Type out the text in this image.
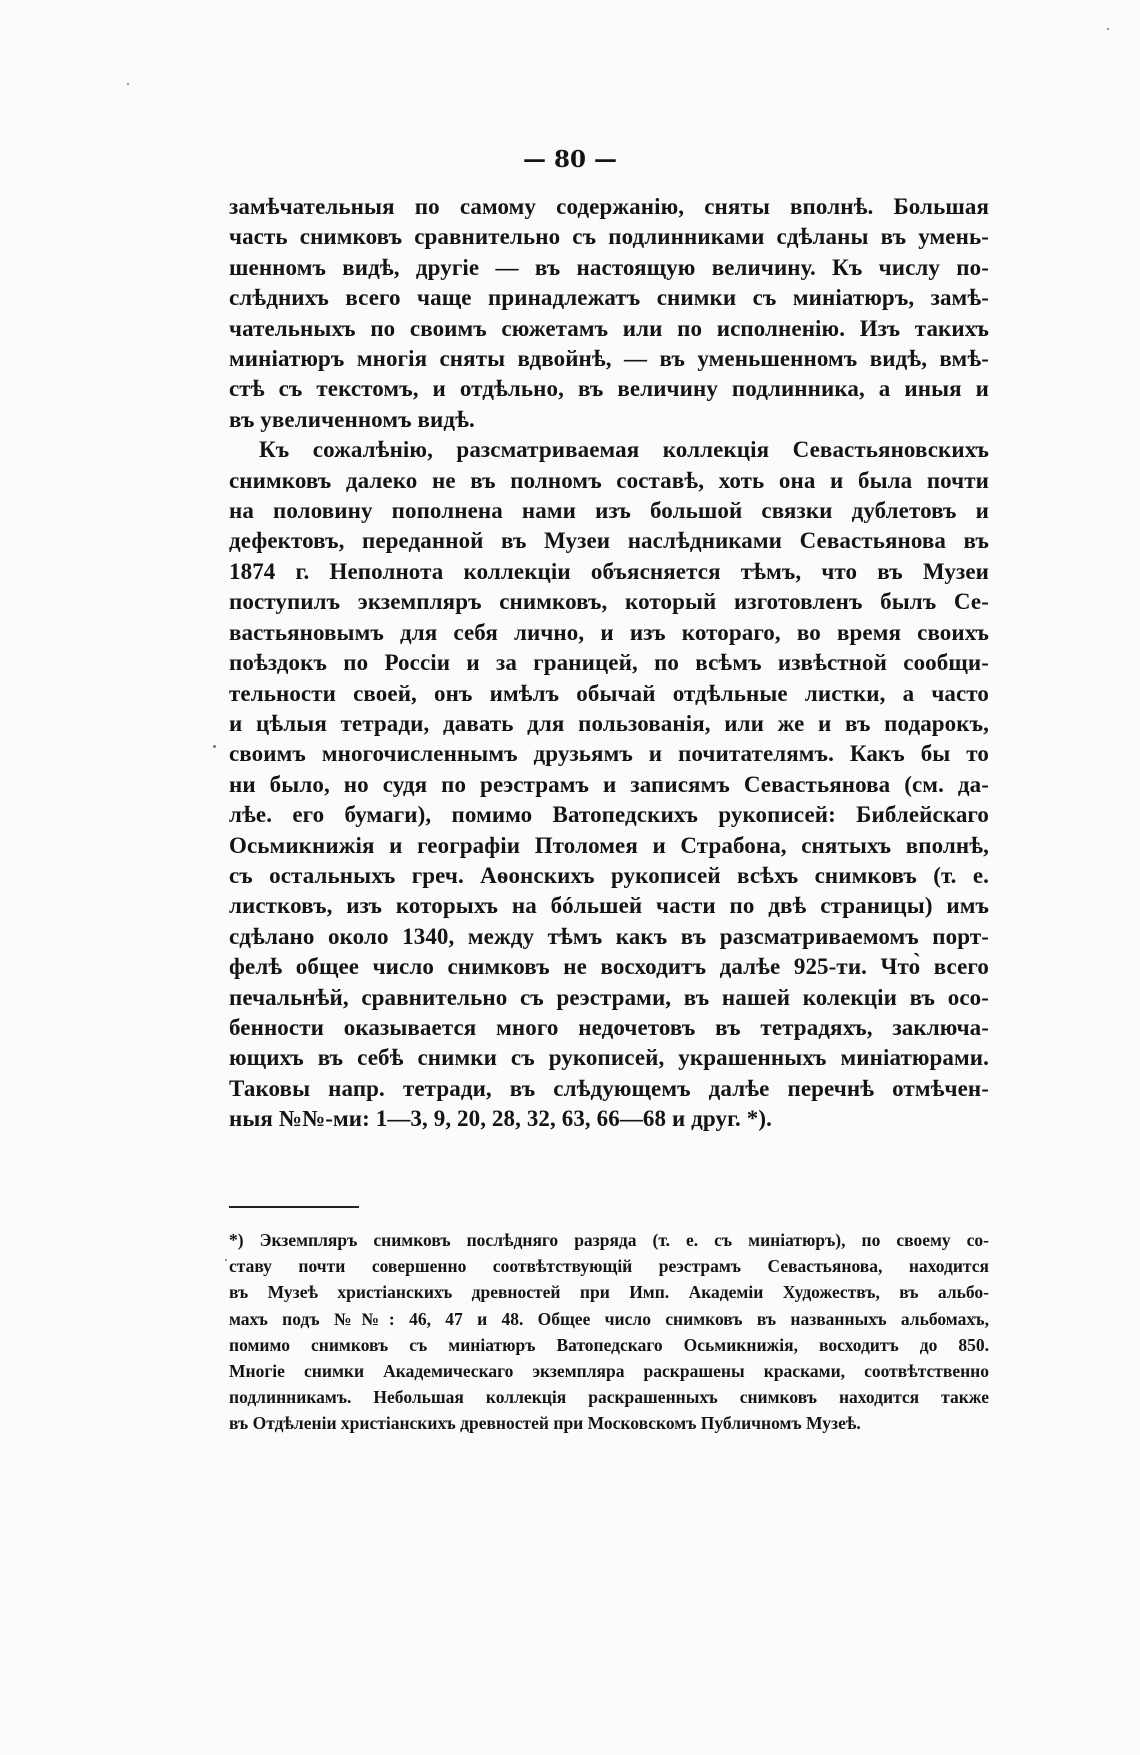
— 80 —
замѣчательныя по самому содержанію, сняты вполнѣ. Большая
часть снимковъ сравнительно съ подлинниками сдѣланы въ умень-
шенномъ видѣ, другіе — въ настоящую величину. Къ числу по-
слѣднихъ всего чаще принадлежатъ снимки съ миніатюръ, замѣ-
чательныхъ по своимъ сюжетамъ или по исполненію. Изъ такихъ
миніатюръ многія сняты вдвойнѣ, — въ уменьшенномъ видѣ, вмѣ-
стѣ съ текстомъ, и отдѣльно, въ величину подлинника, а иныя и
въ увеличенномъ видѣ.
Къ сожалѣнію, разсматриваемая коллекція Севастьяновскихъ
снимковъ далеко не въ полномъ составѣ, хоть она и была почти
на половину пополнена нами изъ большой связки дублетовъ и
дефектовъ, переданной въ Музеи наслѣдниками Севастьянова въ
1874 г. Неполнота коллекціи объясняется тѣмъ, что въ Музеи
поступилъ экземпляръ снимковъ, который изготовленъ былъ Се-
вастьяновымъ для себя лично, и изъ котораго, во время своихъ
поѣздокъ по Россіи и за границей, по всѣмъ извѣстной сообщи-
тельности своей, онъ имѣлъ обычай отдѣльные листки, а часто
и цѣлыя тетради, давать для пользованія, или же и въ подарокъ,
своимъ многочисленнымъ друзьямъ и почитателямъ. Какъ бы то
ни было, но судя по реэстрамъ и записямъ Севастьянова (см. да-
лѣе. его бумаги), помимо Ватопедскихъ рукописей: Библейскаго
Осьмикнижія и географіи Птоломея и Страбона, снятыхъ вполнѣ,
съ остальныхъ греч. Аѳонскихъ рукописей всѣхъ снимковъ (т. е.
листковъ, изъ которыхъ на бóльшей части по двѣ страницы) имъ
сдѣлано около 1340, между тѣмъ какъ въ разсматриваемомъ порт-
фелѣ общее число снимковъ не восходитъ далѣе 925-ти. Что̀ всего
печальнѣй, сравнительно съ реэстрами, въ нашей колекціи въ осо-
бенности оказывается много недочетовъ въ тетрадяхъ, заключа-
ющихъ въ себѣ снимки съ рукописей, украшенныхъ миніатюрами.
Таковы напр. тетради, въ слѣдующемъ далѣе перечнѣ отмѣчен-
ныя №№-ми: 1—3, 9, 20, 28, 32, 63, 66—68 и друг. *).
*) Экземпляръ снимковъ послѣдняго разряда (т. е. съ миніатюръ), по своему со-
ставу почти совершенно соотвѣтствующій реэстрамъ Севастьянова, находится
въ Музеѣ христіанскихъ древностей при Имп. Академіи Художествъ, въ альбо-
махъ подъ №№: 46, 47 и 48. Общее число снимковъ въ названныхъ альбомахъ,
помимо снимковъ съ миніатюръ Ватопедскаго Осьмикнижія, восходитъ до 850.
Многіе снимки Академическаго экземпляра раскрашены красками, соотвѣтственно
подлинникамъ. Небольшая коллекція раскрашенныхъ снимковъ находится также
въ Отдѣленіи христіанскихъ древностей при Московскомъ Публичномъ Музеѣ.
